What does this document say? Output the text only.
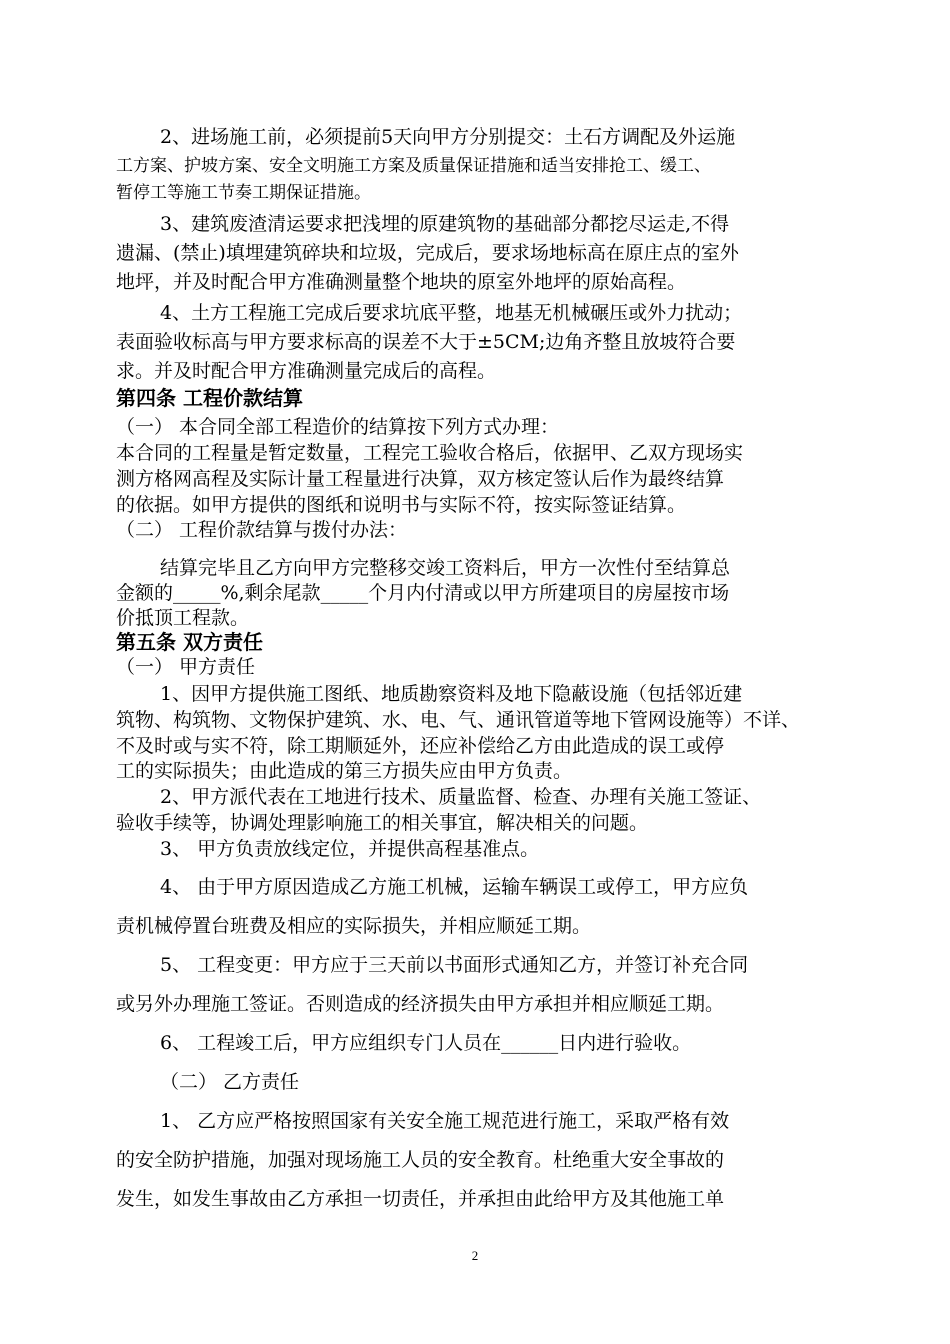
2、进场施工前，必须提前5天向甲方分别提交：土石方调配及外运施
工方案、护坡方案、安全文明施工方案及质量保证措施和适当安排抢工、缓工、
暂停工等施工节奏工期保证措施。
3、建筑废渣清运要求把浅埋的原建筑物的基础部分都挖尽运走,不得
遗漏、(禁止)填埋建筑碎块和垃圾，完成后，要求场地标高在原庄点的室外
地坪，并及时配合甲方准确测量整个地块的原室外地坪的原始高程。
4、土方工程施工完成后要求坑底平整，地基无机械碾压或外力扰动；
表面验收标高与甲方要求标高的误差不大于±5CM;边角齐整且放坡符合要
求。并及时配合甲方准确测量完成后的高程。
第四条 工程价款结算
（一） 本合同全部工程造价的结算按下列方式办理：
本合同的工程量是暂定数量，工程完工验收合格后，依据甲、乙双方现场实
测方格网高程及实际计量工程量进行决算，双方核定签认后作为最终结算
的依据。如甲方提供的图纸和说明书与实际不符，按实际签证结算。
（二） 工程价款结算与拨付办法：
结算完毕且乙方向甲方完整移交竣工资料后，甲方一次性付至结算总
金额的_____%,剩余尾款_____个月内付清或以甲方所建项目的房屋按市场
价抵顶工程款。
第五条 双方责任
（一） 甲方责任
1、因甲方提供施工图纸、地质勘察资料及地下隐蔽设施（包括邻近建
筑物、构筑物、文物保护建筑、水、电、气、通讯管道等地下管网设施等）不详、
不及时或与实不符，除工期顺延外，还应补偿给乙方由此造成的误工或停
工的实际损失；由此造成的第三方损失应由甲方负责。
2、甲方派代表在工地进行技术、质量监督、检查、办理有关施工签证、
验收手续等，协调处理影响施工的相关事宜，解决相关的问题。
3、 甲方负责放线定位，并提供高程基准点。
4、 由于甲方原因造成乙方施工机械，运输车辆误工或停工，甲方应负
责机械停置台班费及相应的实际损失，并相应顺延工期。
5、 工程变更：甲方应于三天前以书面形式通知乙方，并签订补充合同
或另外办理施工签证。否则造成的经济损失由甲方承担并相应顺延工期。
6、 工程竣工后，甲方应组织专门人员在______日内进行验收。
（二） 乙方责任
1、 乙方应严格按照国家有关安全施工规范进行施工，采取严格有效
的安全防护措施，加强对现场施工人员的安全教育。杜绝重大安全事故的
发生，如发生事故由乙方承担一切责任，并承担由此给甲方及其他施工单
2
